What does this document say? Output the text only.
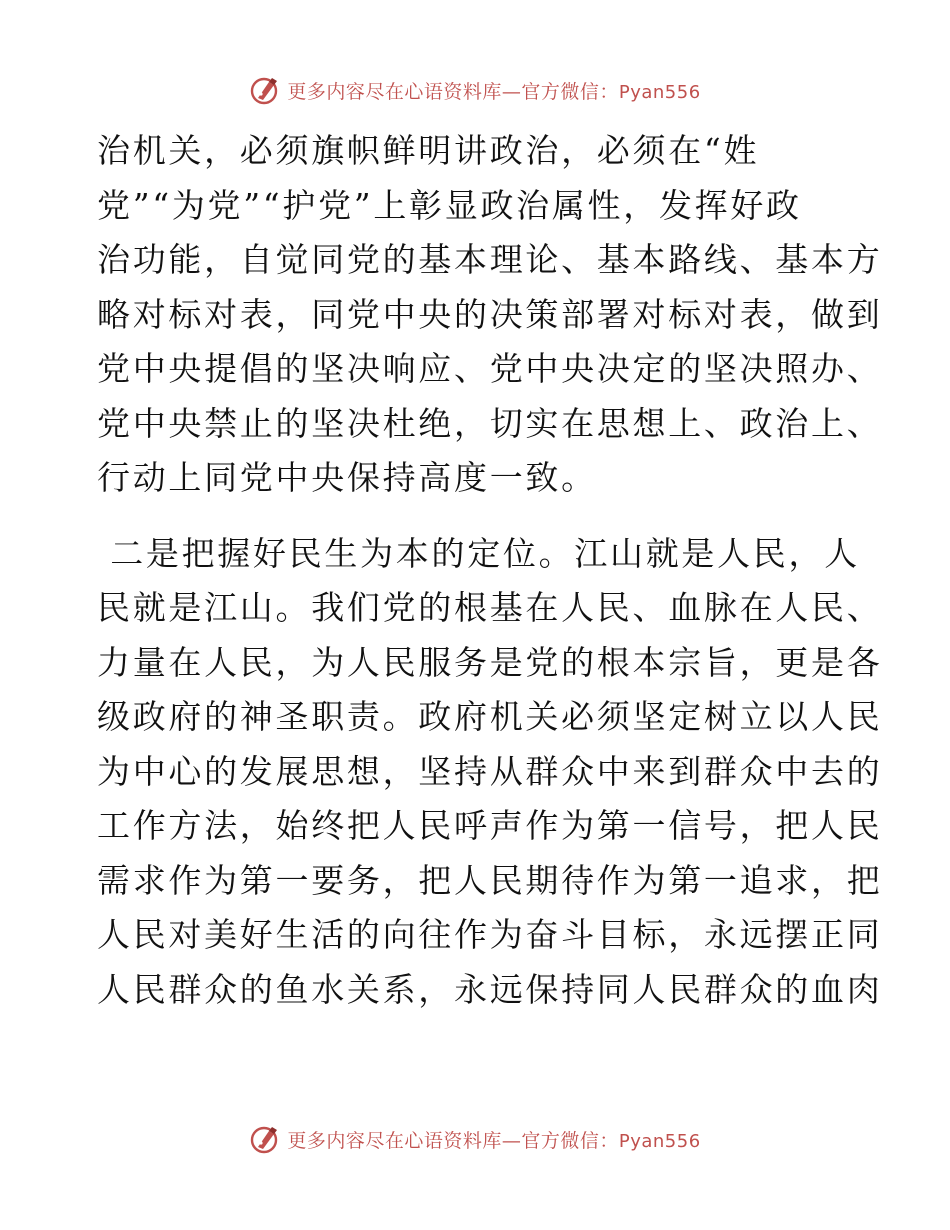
更多内容尽在心语资料库—官方微信：Pyan556

治机关，必须旗帜鲜明讲政治，必须在“姓

党”“为党”“护党”上彰显政治属性，发挥好政

治功能，自觉同党的基本理论、基本路线、基本方

略对标对表，同党中央的决策部署对标对表，做到

党中央提倡的坚决响应、党中央决定的坚决照办、

党中央禁止的坚决杜绝，切实在思想上、政治上、

行动上同党中央保持高度一致。

二是把握好民生为本的定位。江山就是人民，人

民就是江山。我们党的根基在人民、血脉在人民、

力量在人民，为人民服务是党的根本宗旨，更是各

级政府的神圣职责。政府机关必须坚定树立以人民

为中心的发展思想，坚持从群众中来到群众中去的

工作方法，始终把人民呼声作为第一信号，把人民

需求作为第一要务，把人民期待作为第一追求，把

人民对美好生活的向往作为奋斗目标，永远摆正同

人民群众的鱼水关系，永远保持同人民群众的血肉

更多内容尽在心语资料库—官方微信：Pyan556
